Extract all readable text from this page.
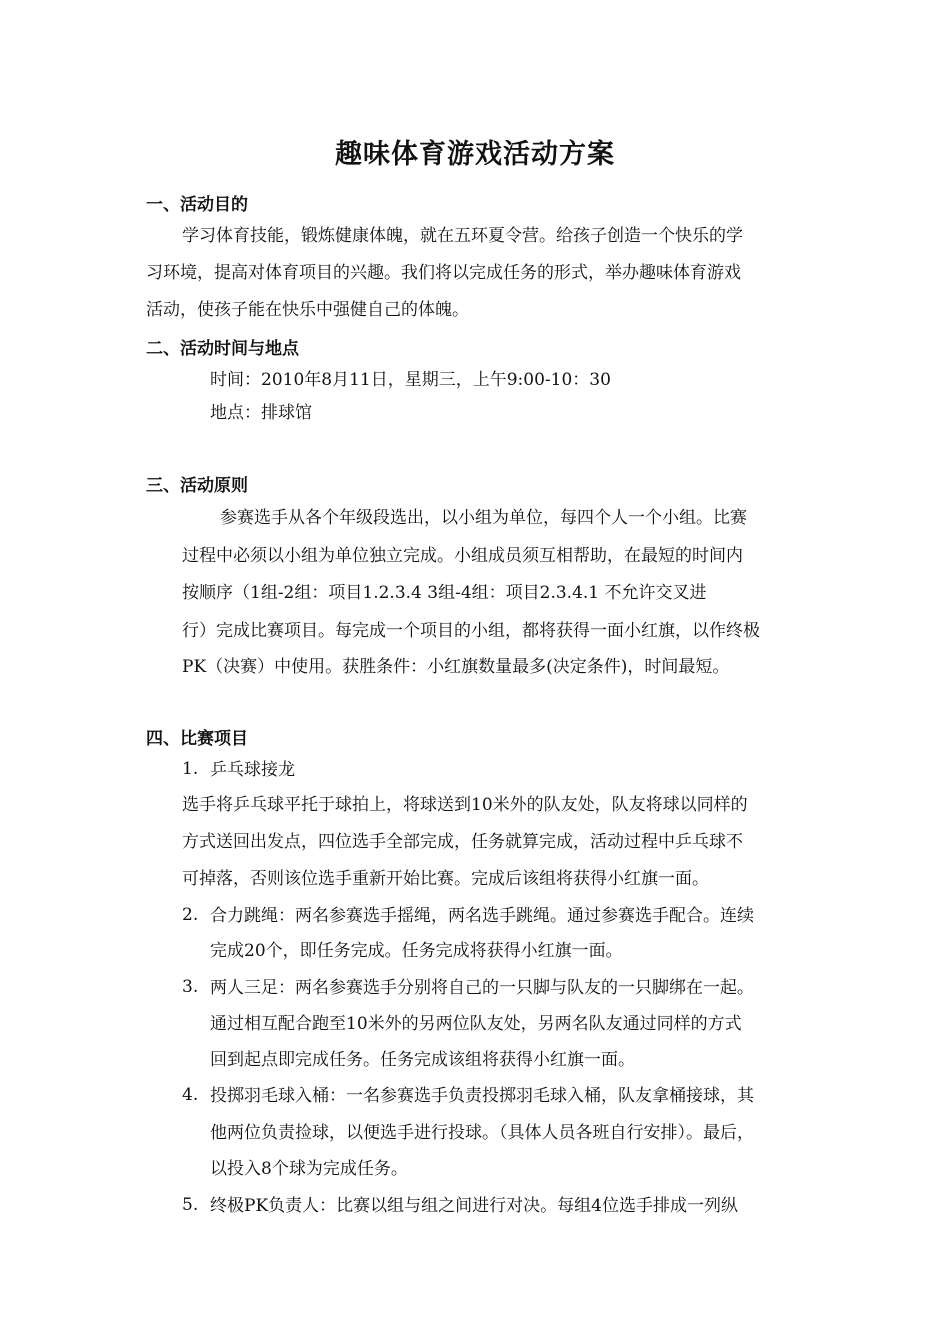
趣味体育游戏活动方案
一、活动目的
学习体育技能，锻炼健康体魄，就在五环夏令营。给孩子创造一个快乐的学
习环境，提高对体育项目的兴趣。我们将以完成任务的形式，举办趣味体育游戏
活动，使孩子能在快乐中强健自己的体魄。
二、活动时间与地点
时间：2010年8月11日，星期三，上午9:00-10：30
地点：排球馆
三、活动原则
参赛选手从各个年级段选出，以小组为单位，每四个人一个小组。比赛
过程中必须以小组为单位独立完成。小组成员须互相帮助，在最短的时间内
按顺序（1组-2组：项目1.2.3.4 3组-4组：项目2.3.4.1 不允许交叉进
行）完成比赛项目。每完成一个项目的小组，都将获得一面小红旗，以作终极
PK（决赛）中使用。获胜条件：小红旗数量最多(决定条件)，时间最短。
四、比赛项目
1. 乒乓球接龙
选手将乒乓球平托于球拍上，将球送到10米外的队友处，队友将球以同样的
方式送回出发点，四位选手全部完成，任务就算完成，活动过程中乒乓球不
可掉落，否则该位选手重新开始比赛。完成后该组将获得小红旗一面。
2. 合力跳绳：两名参赛选手摇绳，两名选手跳绳。通过参赛选手配合。连续
完成20个，即任务完成。任务完成将获得小红旗一面。
3. 两人三足：两名参赛选手分别将自己的一只脚与队友的一只脚绑在一起。
通过相互配合跑至10米外的另两位队友处，另两名队友通过同样的方式
回到起点即完成任务。任务完成该组将获得小红旗一面。
4. 投掷羽毛球入桶：一名参赛选手负责投掷羽毛球入桶，队友拿桶接球，其
他两位负责捡球，以便选手进行投球。（具体人员各班自行安排）。最后，
以投入8个球为完成任务。
5. 终极PK负责人：比赛以组与组之间进行对决。每组4位选手排成一列纵
